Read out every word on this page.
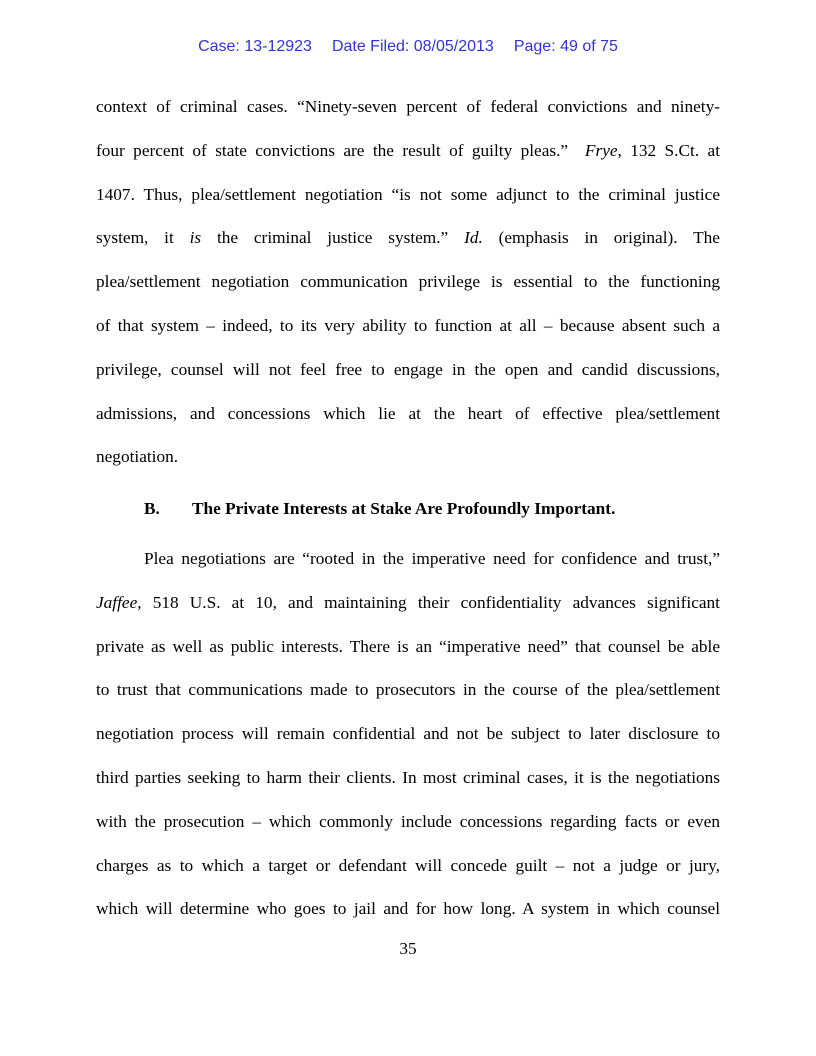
Case: 13-12923 Date Filed: 08/05/2013 Page: 49 of 75
context of criminal cases. “Ninety-seven percent of federal convictions and ninety-
four percent of state convictions are the result of guilty pleas.” Frye, 132 S.Ct. at
1407. Thus, plea/settlement negotiation “is not some adjunct to the criminal justice
system, it is the criminal justice system.” Id. (emphasis in original). The
plea/settlement negotiation communication privilege is essential to the functioning
of that system – indeed, to its very ability to function at all – because absent such a
privilege, counsel will not feel free to engage in the open and candid discussions,
admissions, and concessions which lie at the heart of effective plea/settlement
negotiation.
B. The Private Interests at Stake Are Profoundly Important.
Plea negotiations are “rooted in the imperative need for confidence and trust,”
Jaffee, 518 U.S. at 10, and maintaining their confidentiality advances significant
private as well as public interests. There is an “imperative need” that counsel be able
to trust that communications made to prosecutors in the course of the plea/settlement
negotiation process will remain confidential and not be subject to later disclosure to
third parties seeking to harm their clients. In most criminal cases, it is the negotiations
with the prosecution – which commonly include concessions regarding facts or even
charges as to which a target or defendant will concede guilt – not a judge or jury,
which will determine who goes to jail and for how long. A system in which counsel
35
